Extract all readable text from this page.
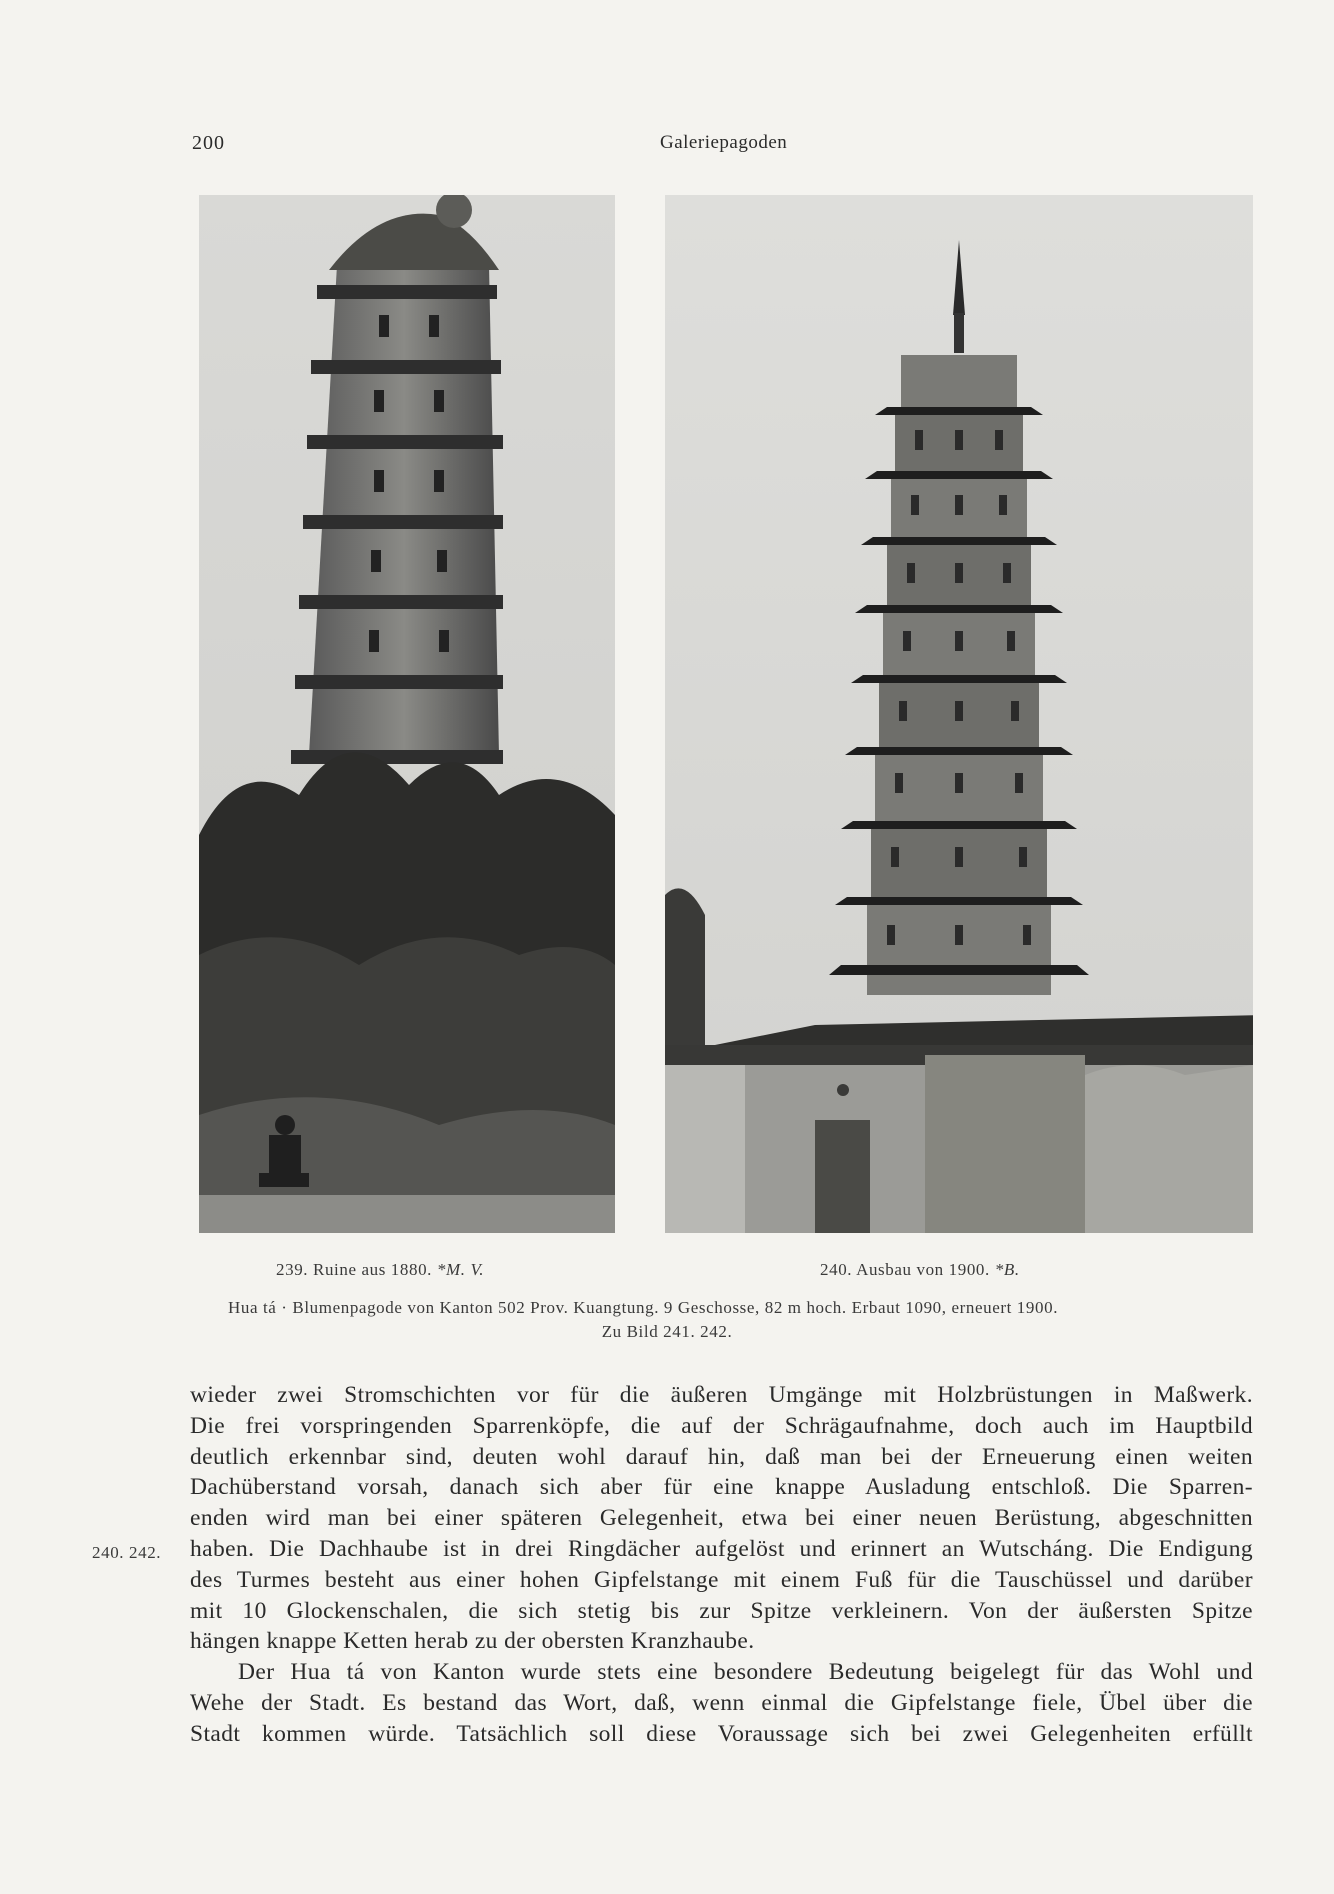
200	Galeriepagoden
239. Ruine aus 1880. *M. V.	240. Ausbau von 1900. *B.
Hua tá · Blumenpagode von Kanton 502 Prov. Kuangtung. 9 Geschosse, 82 m hoch. Erbaut 1090, erneuert 1900.
Zu Bild 241. 242.
240. 242.
wieder zwei Stromschichten vor für die äußeren Umgänge mit Holzbrüstungen in Maßwerk.
Die frei vorspringenden Sparrenköpfe, die auf der Schrägaufnahme, doch auch im Hauptbild
deutlich erkennbar sind, deuten wohl darauf hin, daß man bei der Erneuerung einen weiten
Dachüberstand vorsah, danach sich aber für eine knappe Ausladung entschloß. Die Sparren-
enden wird man bei einer späteren Gelegenheit, etwa bei einer neuen Berüstung, abgeschnitten
haben. Die Dachhaube ist in drei Ringdächer aufgelöst und erinnert an Wutscháng. Die Endigung
des Turmes besteht aus einer hohen Gipfelstange mit einem Fuß für die Tauschüssel und darüber
mit 10 Glockenschalen, die sich stetig bis zur Spitze verkleinern. Von der äußersten Spitze
hängen knappe Ketten herab zu der obersten Kranzhaube.
Der Hua tá von Kanton wurde stets eine besondere Bedeutung beigelegt für das Wohl und
Wehe der Stadt. Es bestand das Wort, daß, wenn einmal die Gipfelstange fiele, Übel über die
Stadt kommen würde. Tatsächlich soll diese Voraussage sich bei zwei Gelegenheiten erfüllt
